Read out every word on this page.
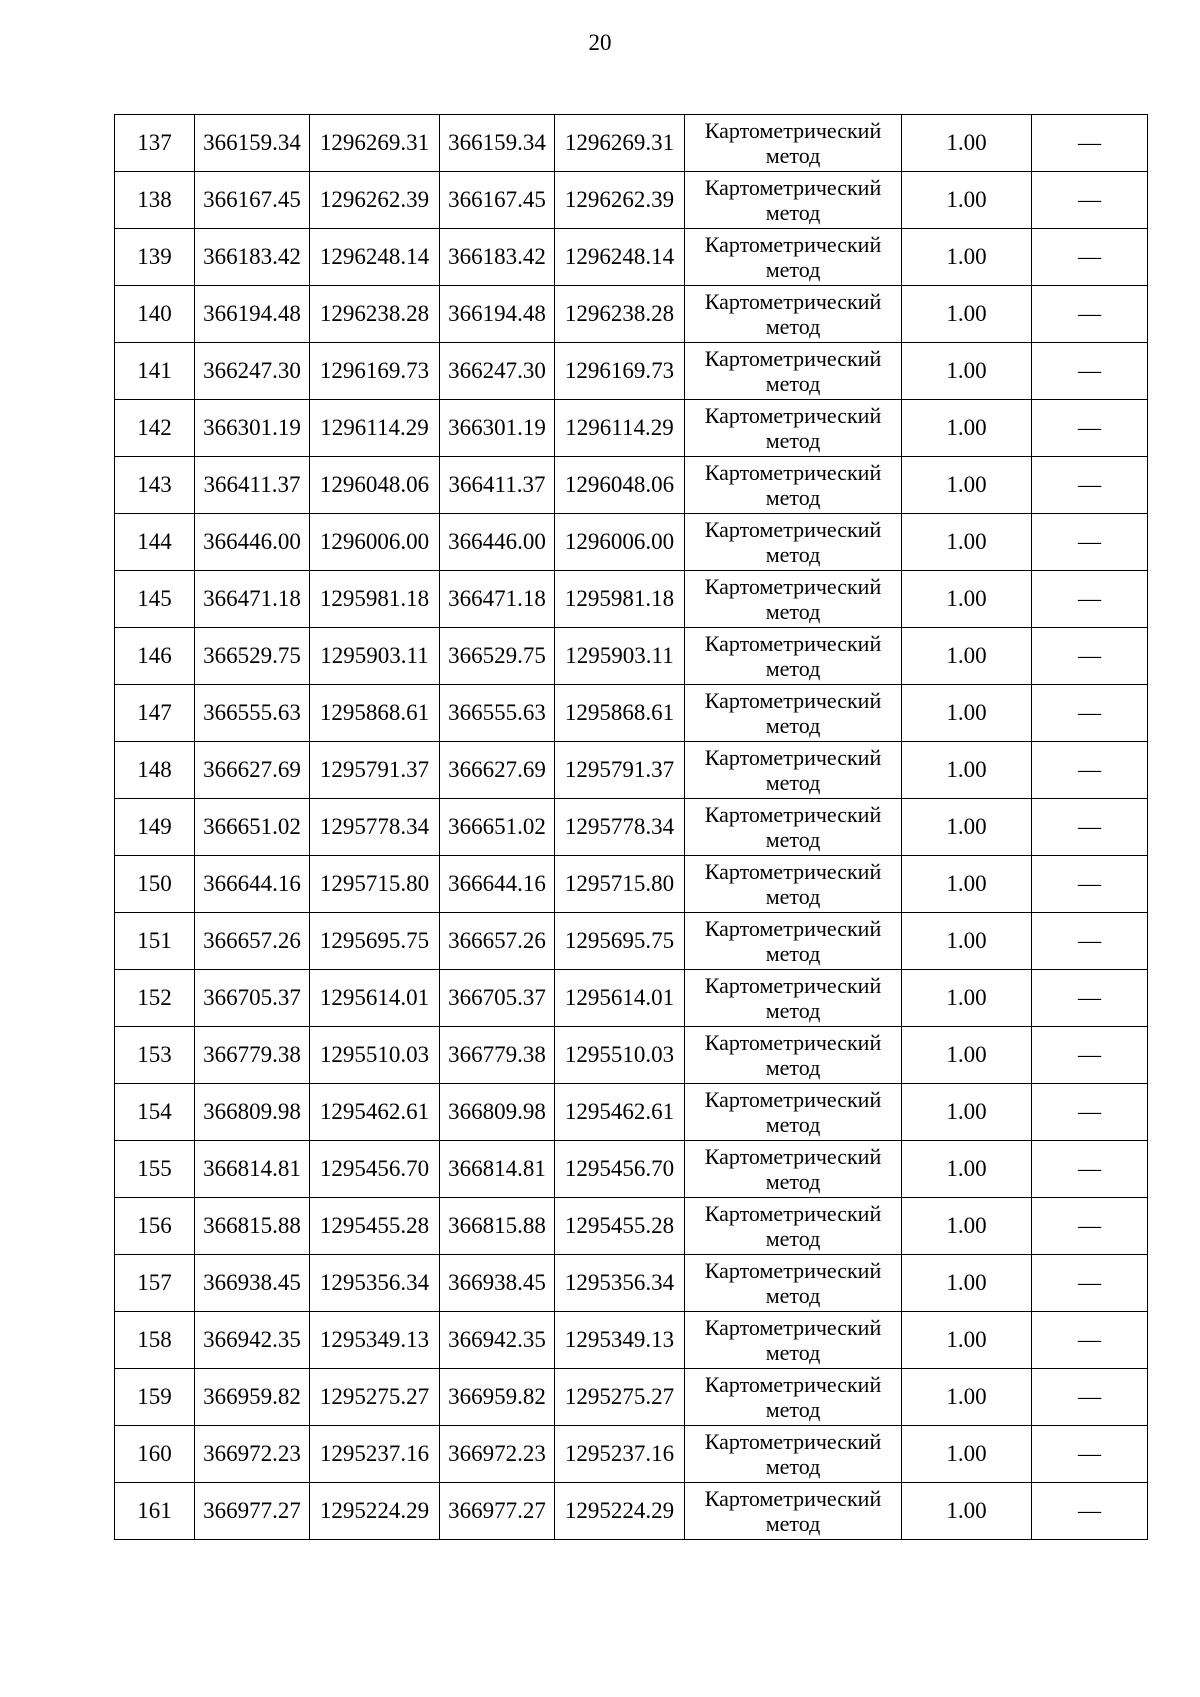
20
137	366159.34	1296269.31	366159.34	1296269.31	Картометрический
метод	1.00	—
138	366167.45	1296262.39	366167.45	1296262.39	Картометрический
метод	1.00	—
139	366183.42	1296248.14	366183.42	1296248.14	Картометрический
метод	1.00	—
140	366194.48	1296238.28	366194.48	1296238.28	Картометрический
метод	1.00	—
141	366247.30	1296169.73	366247.30	1296169.73	Картометрический
метод	1.00	—
142	366301.19	1296114.29	366301.19	1296114.29	Картометрический
метод	1.00	—
143	366411.37	1296048.06	366411.37	1296048.06	Картометрический
метод	1.00	—
144	366446.00	1296006.00	366446.00	1296006.00	Картометрический
метод	1.00	—
145	366471.18	1295981.18	366471.18	1295981.18	Картометрический
метод	1.00	—
146	366529.75	1295903.11	366529.75	1295903.11	Картометрический
метод	1.00	—
147	366555.63	1295868.61	366555.63	1295868.61	Картометрический
метод	1.00	—
148	366627.69	1295791.37	366627.69	1295791.37	Картометрический
метод	1.00	—
149	366651.02	1295778.34	366651.02	1295778.34	Картометрический
метод	1.00	—
150	366644.16	1295715.80	366644.16	1295715.80	Картометрический
метод	1.00	—
151	366657.26	1295695.75	366657.26	1295695.75	Картометрический
метод	1.00	—
152	366705.37	1295614.01	366705.37	1295614.01	Картометрический
метод	1.00	—
153	366779.38	1295510.03	366779.38	1295510.03	Картометрический
метод	1.00	—
154	366809.98	1295462.61	366809.98	1295462.61	Картометрический
метод	1.00	—
155	366814.81	1295456.70	366814.81	1295456.70	Картометрический
метод	1.00	—
156	366815.88	1295455.28	366815.88	1295455.28	Картометрический
метод	1.00	—
157	366938.45	1295356.34	366938.45	1295356.34	Картометрический
метод	1.00	—
158	366942.35	1295349.13	366942.35	1295349.13	Картометрический
метод	1.00	—
159	366959.82	1295275.27	366959.82	1295275.27	Картометрический
метод	1.00	—
160	366972.23	1295237.16	366972.23	1295237.16	Картометрический
метод	1.00	—
161	366977.27	1295224.29	366977.27	1295224.29	Картометрический
метод	1.00	—
